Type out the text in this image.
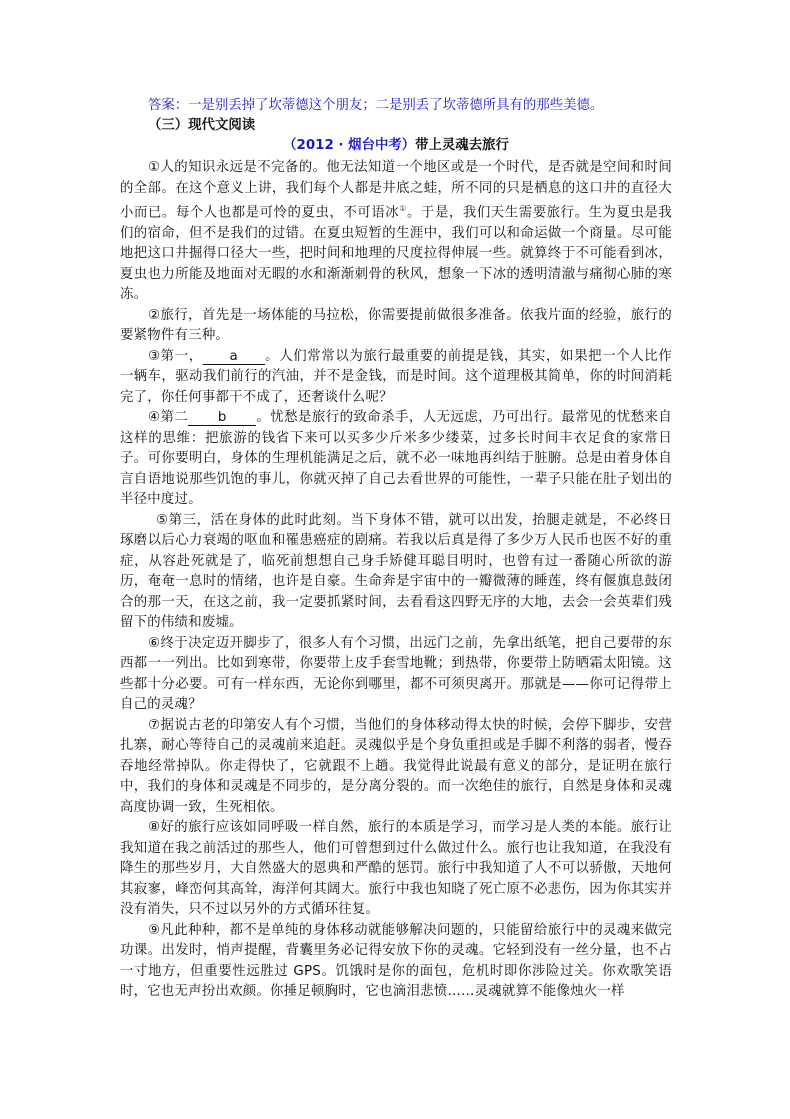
答案：一是别丢掉了坎蒂德这个朋友；二是别丢了坎蒂德所具有的那些美德。
（三）现代文阅读
（2012 · 烟台中考）带上灵魂去旅行

①人的知识永远是不完备的。他无法知道一个地区或是一个时代，是否就是空间和时间的全部。在这个意义上讲，我们每个人都是井底之蛙，所不同的只是栖息的这口井的直径大小而已。每个人也都是可怜的夏虫，不可语冰①。于是，我们天生需要旅行。生为夏虫是我们的宿命，但不是我们的过错。在夏虫短暂的生涯中，我们可以和命运做一个商量。尽可能地把这口井掘得口径大一些，把时间和地理的尺度拉得伸展一些。就算终于不可能看到冰，夏虫也力所能及地面对无暇的水和渐渐刺骨的秋风，想象一下冰的透明清澈与痛彻心肺的寒冻。

②旅行，首先是一场体能的马拉松，你需要提前做很多准备。依我片面的经验，旅行的要紧物件有三种。

③第一， a 。人们常常以为旅行最重要的前提是钱，其实，如果把一个人比作一辆车，驱动我们前行的汽油，并不是金钱，而是时间。这个道理极其简单，你的时间消耗完了，你任何事都干不成了，还奢谈什么呢？

④第二 b 。忧愁是旅行的致命杀手，人无远虑，乃可出行。最常见的忧愁来自这样的思维：把旅游的钱省下来可以买多少斤米多少缕菜，过多长时间丰衣足食的家常日子。可你要明白，身体的生理机能满足之后，就不必一味地再纠结于脏腑。总是由着身体自言自语地说那些饥饱的事儿，你就灭掉了自己去看世界的可能性，一辈子只能在肚子划出的半径中度过。

⑤第三，活在身体的此时此刻。当下身体不错，就可以出发，抬腿走就是，不必终日琢磨以后心力衰竭的呕血和罹患癌症的剧痛。若我以后真是得了多少万人民币也医不好的重症，从容赴死就是了，临死前想想自己身手矫健耳聪目明时，也曾有过一番随心所欲的游历，奄奄一息时的情绪，也许是自豪。生命奔是宇宙中的一瓣微薄的睡莲，终有偃旗息鼓闭合的那一天，在这之前，我一定要抓紧时间，去看看这四野无序的大地，去会一会英辈们残留下的伟绩和废墟。

⑥终于决定迈开脚步了，很多人有个习惯，出远门之前，先拿出纸笔，把自己要带的东西都一一列出。比如到寒带，你要带上皮手套雪地靴；到热带，你要带上防晒霜太阳镜。这些都十分必要。可有一样东西，无论你到哪里，都不可须臾离开。那就是——你可记得带上自己的灵魂？

⑦据说古老的印第安人有个习惯，当他们的身体移动得太快的时候，会停下脚步，安营扎寨，耐心等待自己的灵魂前来追赶。灵魂似乎是个身负重担或是手脚不利落的弱者，慢吞吞地经常掉队。你走得快了，它就跟不上趟。我觉得此说最有意义的部分，是证明在旅行中，我们的身体和灵魂是不同步的，是分离分裂的。而一次绝佳的旅行，自然是身体和灵魂高度协调一致，生死相依。

⑧好的旅行应该如同呼吸一样自然，旅行的本质是学习，而学习是人类的本能。旅行让我知道在我之前活过的那些人，他们可曾想到过什么做过什么。旅行也让我知道，在我没有降生的那些岁月，大自然盛大的恩典和严酷的惩罚。旅行中我知道了人不可以骄傲，天地何其寂寥，峰峦何其高耸，海洋何其阔大。旅行中我也知晓了死亡原不必悲伤，因为你其实并没有消失，只不过以另外的方式循环往复。

⑨凡此种种，都不是单纯的身体移动就能够解决问题的，只能留给旅行中的灵魂来做完功课。出发时，悄声提醒，背囊里务必记得安放下你的灵魂。它轻到没有一丝分量，也不占一寸地方，但重要性远胜过 GPS。饥饿时是你的面包，危机时即你涉险过关。你欢歌笑语时，它也无声扮出欢颜。你捶足顿胸时，它也滴泪悲愤……灵魂就算不能像烛火一样
